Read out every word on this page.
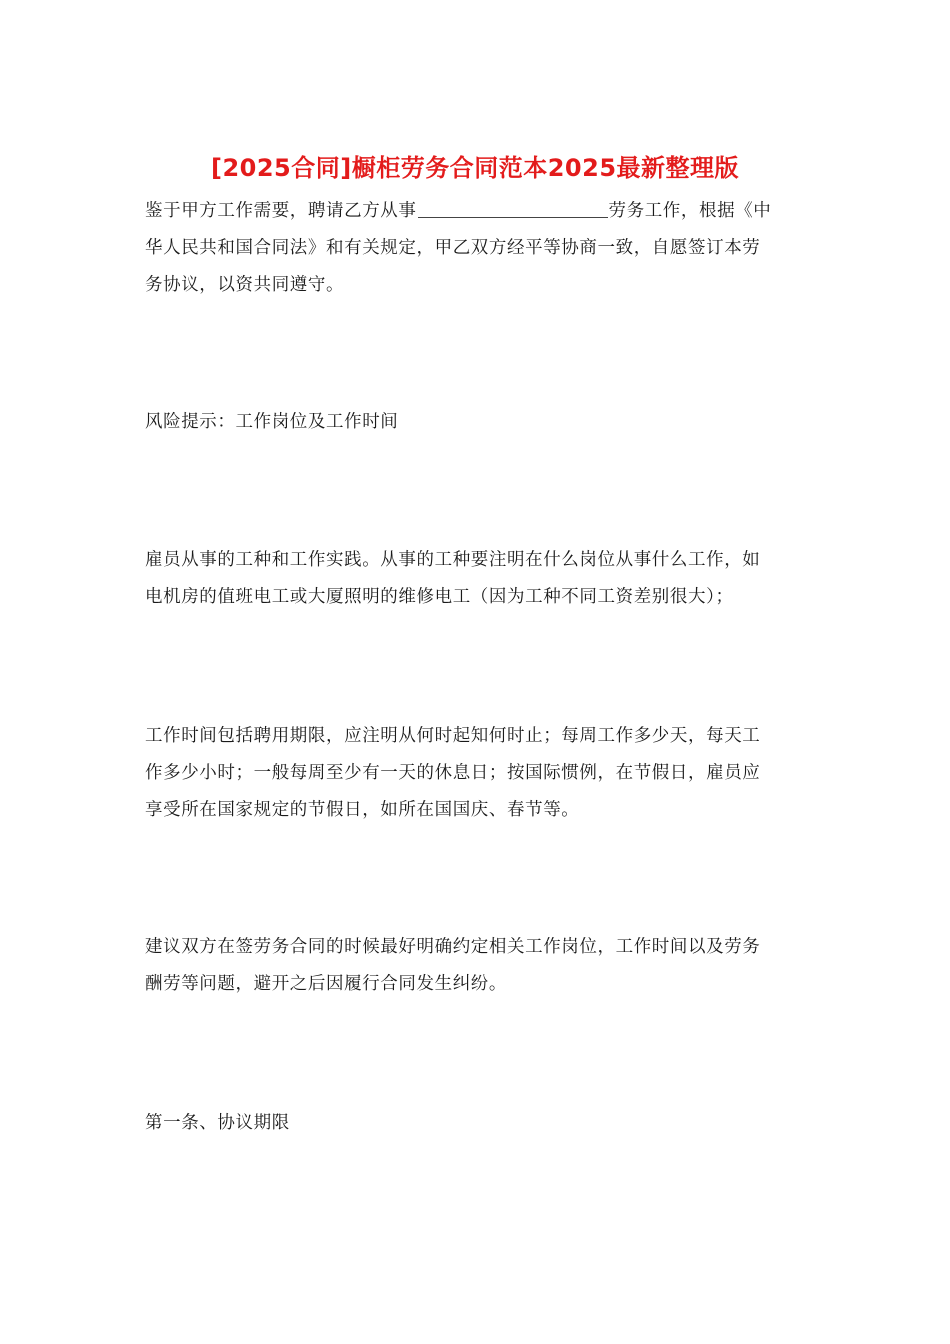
[2025合同]橱柜劳务合同范本2025最新整理版
鉴于甲方工作需要，聘请乙方从事	劳务工作，根据《中
华人民共和国合同法》和有关规定，甲乙双方经平等协商一致，自愿签订本劳
务协议，以资共同遵守。
风险提示：工作岗位及工作时间
雇员从事的工种和工作实践。从事的工种要注明在什么岗位从事什么工作，如
电机房的值班电工或大厦照明的维修电工（因为工种不同工资差别很大）；
工作时间包括聘用期限，应注明从何时起知何时止；每周工作多少天，每天工
作多少小时；一般每周至少有一天的休息日；按国际惯例，在节假日，雇员应
享受所在国家规定的节假日，如所在国国庆、春节等。
建议双方在签劳务合同的时候最好明确约定相关工作岗位，工作时间以及劳务
酬劳等问题，避开之后因履行合同发生纠纷。
第一条、协议期限
